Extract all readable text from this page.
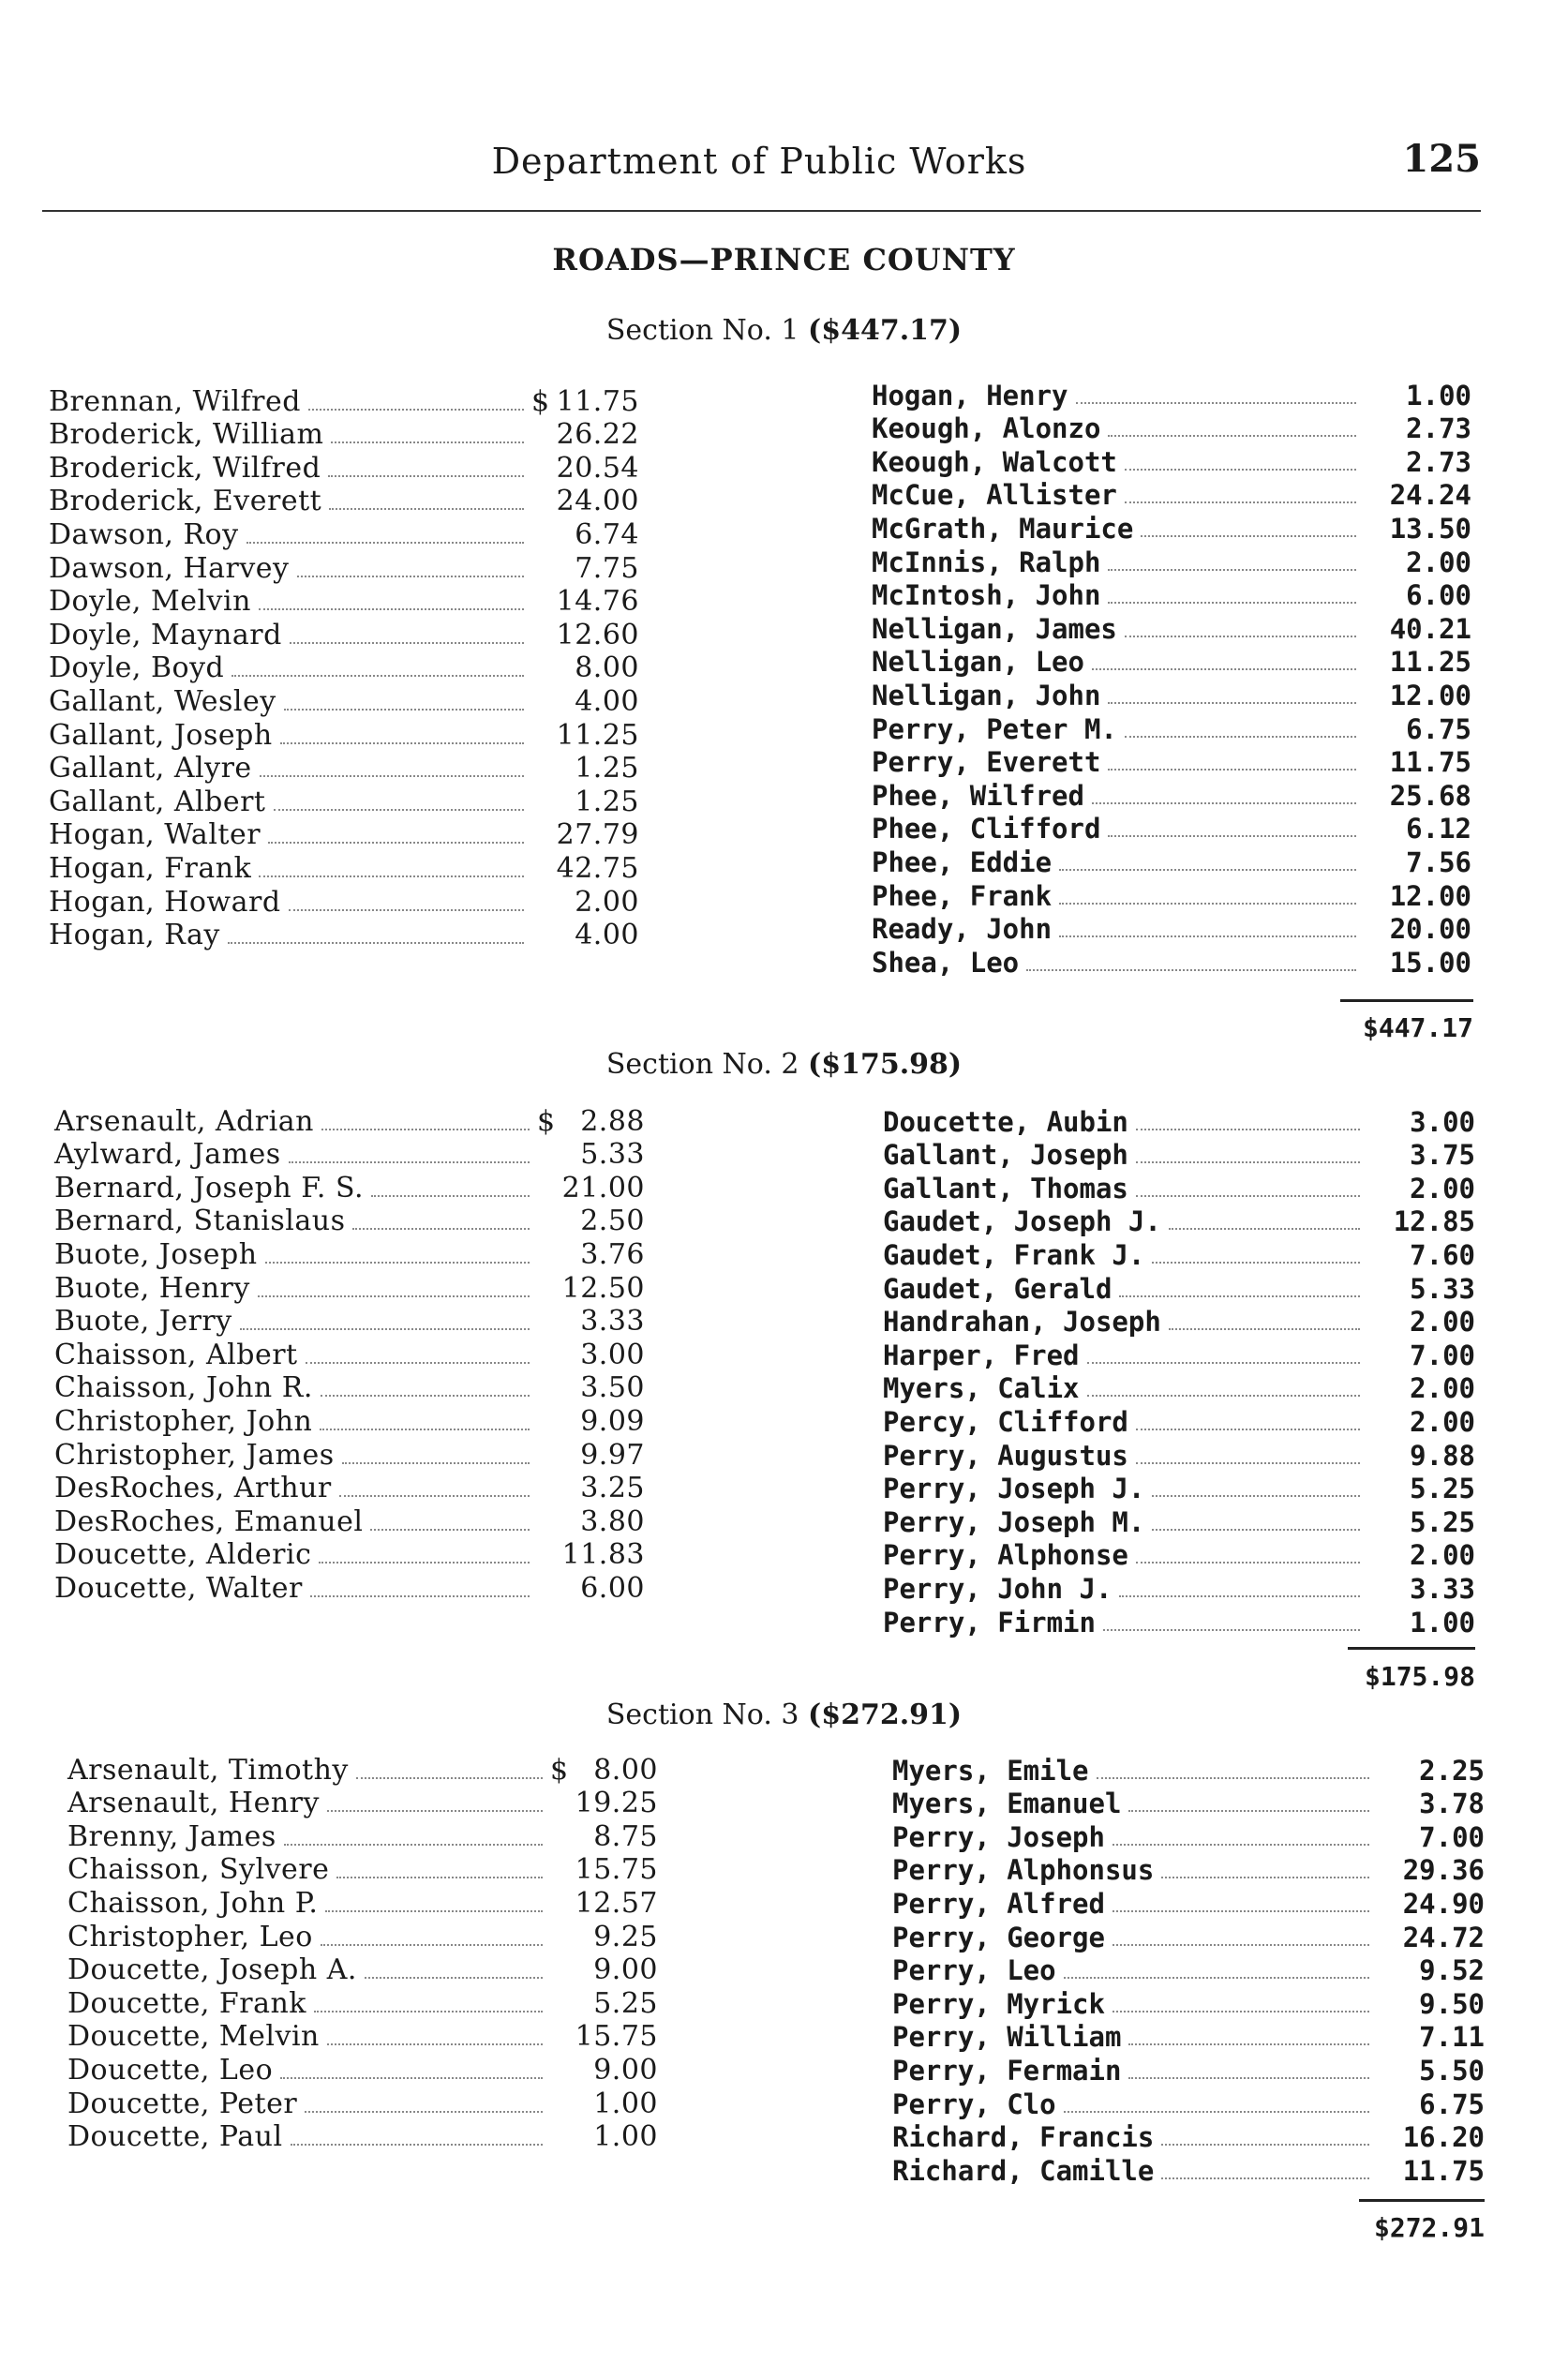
Department of Public Works	125
ROADS—PRINCE COUNTY
Section No. 1 ($447.17)
Brennan, Wilfred	$ 11.75
Broderick, William	26.22
Broderick, Wilfred	20.54
Broderick, Everett	24.00
Dawson, Roy	6.74
Dawson, Harvey	7.75
Doyle, Melvin	14.76
Doyle, Maynard	12.60
Doyle, Boyd	8.00
Gallant, Wesley	4.00
Gallant, Joseph	11.25
Gallant, Alyre	1.25
Gallant, Albert	1.25
Hogan, Walter	27.79
Hogan, Frank	42.75
Hogan, Howard	2.00
Hogan, Ray	4.00
Hogan, Henry	1.00
Keough, Alonzo	2.73
Keough, Walcott	2.73
McCue, Allister	24.24
McGrath, Maurice	13.50
McInnis, Ralph	2.00
McIntosh, John	6.00
Nelligan, James	40.21
Nelligan, Leo	11.25
Nelligan, John	12.00
Perry, Peter M.	6.75
Perry, Everett	11.75
Phee, Wilfred	25.68
Phee, Clifford	6.12
Phee, Eddie	7.56
Phee, Frank	12.00
Ready, John	20.00
Shea, Leo	15.00
$447.17
Section No. 2 ($175.98)
Arsenault, Adrian	$ 2.88
Aylward, James	5.33
Bernard, Joseph F. S.	21.00
Bernard, Stanislaus	2.50
Buote, Joseph	3.76
Buote, Henry	12.50
Buote, Jerry	3.33
Chaisson, Albert	3.00
Chaisson, John R.	3.50
Christopher, John	9.09
Christopher, James	9.97
DesRoches, Arthur	3.25
DesRoches, Emanuel	3.80
Doucette, Alderic	11.83
Doucette, Walter	6.00
Doucette, Aubin	3.00
Gallant, Joseph	3.75
Gallant, Thomas	2.00
Gaudet, Joseph J.	12.85
Gaudet, Frank J.	7.60
Gaudet, Gerald	5.33
Handrahan, Joseph	2.00
Harper, Fred	7.00
Myers, Calix	2.00
Percy, Clifford	2.00
Perry, Augustus	9.88
Perry, Joseph J.	5.25
Perry, Joseph M.	5.25
Perry, Alphonse	2.00
Perry, John J.	3.33
Perry, Firmin	1.00
$175.98
Section No. 3 ($272.91)
Arsenault, Timothy	$ 8.00
Arsenault, Henry	19.25
Brenny, James	8.75
Chaisson, Sylvere	15.75
Chaisson, John P.	12.57
Christopher, Leo	9.25
Doucette, Joseph A.	9.00
Doucette, Frank	5.25
Doucette, Melvin	15.75
Doucette, Leo	9.00
Doucette, Peter	1.00
Doucette, Paul	1.00
Myers, Emile	2.25
Myers, Emanuel	3.78
Perry, Joseph	7.00
Perry, Alphonsus	29.36
Perry, Alfred	24.90
Perry, George	24.72
Perry, Leo	9.52
Perry, Myrick	9.50
Perry, William	7.11
Perry, Fermain	5.50
Perry, Clo	6.75
Richard, Francis	16.20
Richard, Camille	11.75
$272.91
